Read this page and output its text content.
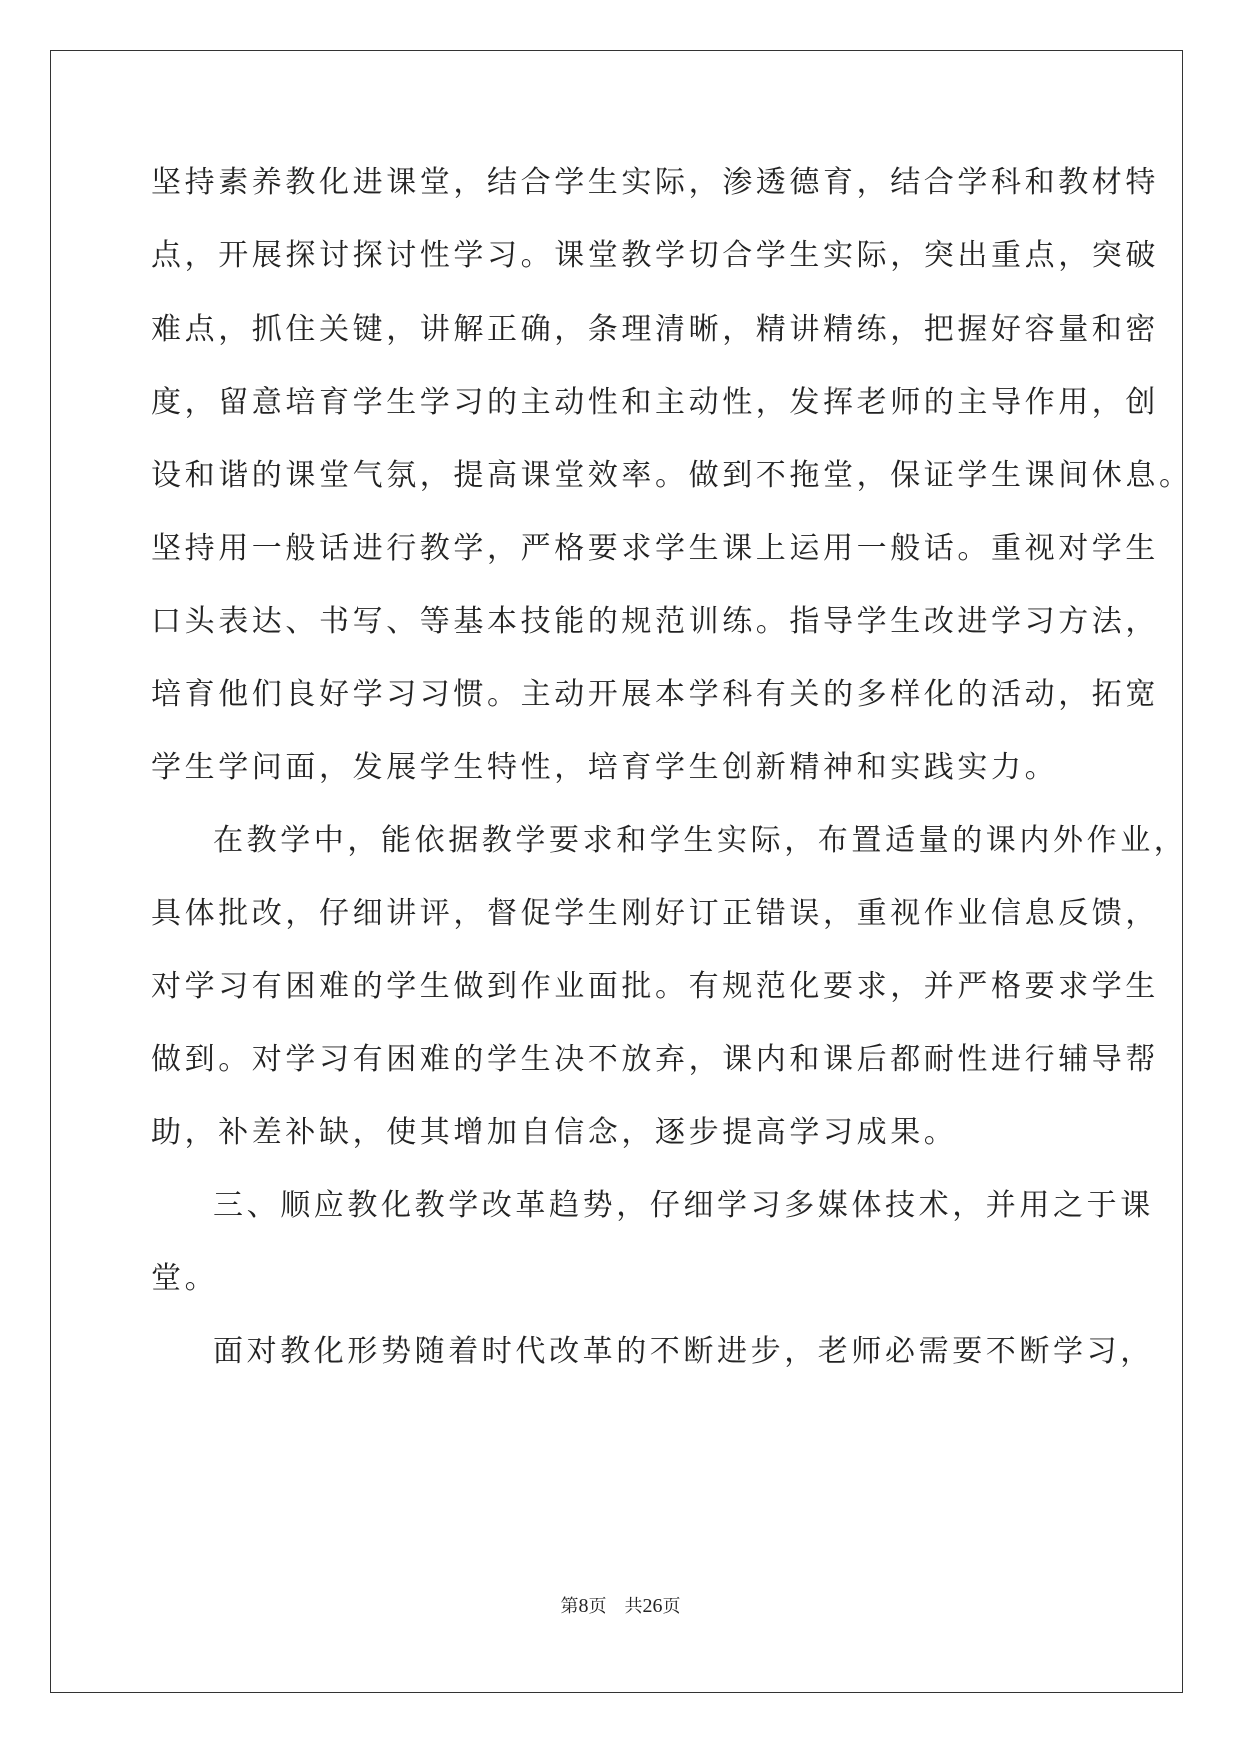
坚持素养教化进课堂，结合学生实际，渗透德育，结合学科和教材特
点，开展探讨探讨性学习。课堂教学切合学生实际，突出重点，突破
难点，抓住关键，讲解正确，条理清晰，精讲精练，把握好容量和密
度，留意培育学生学习的主动性和主动性，发挥老师的主导作用，创
设和谐的课堂气氛，提高课堂效率。做到不拖堂，保证学生课间休息。
坚持用一般话进行教学，严格要求学生课上运用一般话。重视对学生
口头表达、书写、等基本技能的规范训练。指导学生改进学习方法，
培育他们良好学习习惯。主动开展本学科有关的多样化的活动，拓宽
学生学问面，发展学生特性，培育学生创新精神和实践实力。
在教学中，能依据教学要求和学生实际，布置适量的课内外作业，
具体批改，仔细讲评，督促学生刚好订正错误，重视作业信息反馈，
对学习有困难的学生做到作业面批。有规范化要求，并严格要求学生
做到。对学习有困难的学生决不放弃，课内和课后都耐性进行辅导帮
助，补差补缺，使其增加自信念，逐步提高学习成果。
三、顺应教化教学改革趋势，仔细学习多媒体技术，并用之于课
堂。
面对教化形势随着时代改革的不断进步，老师必需要不断学习，
第8页 共26页
